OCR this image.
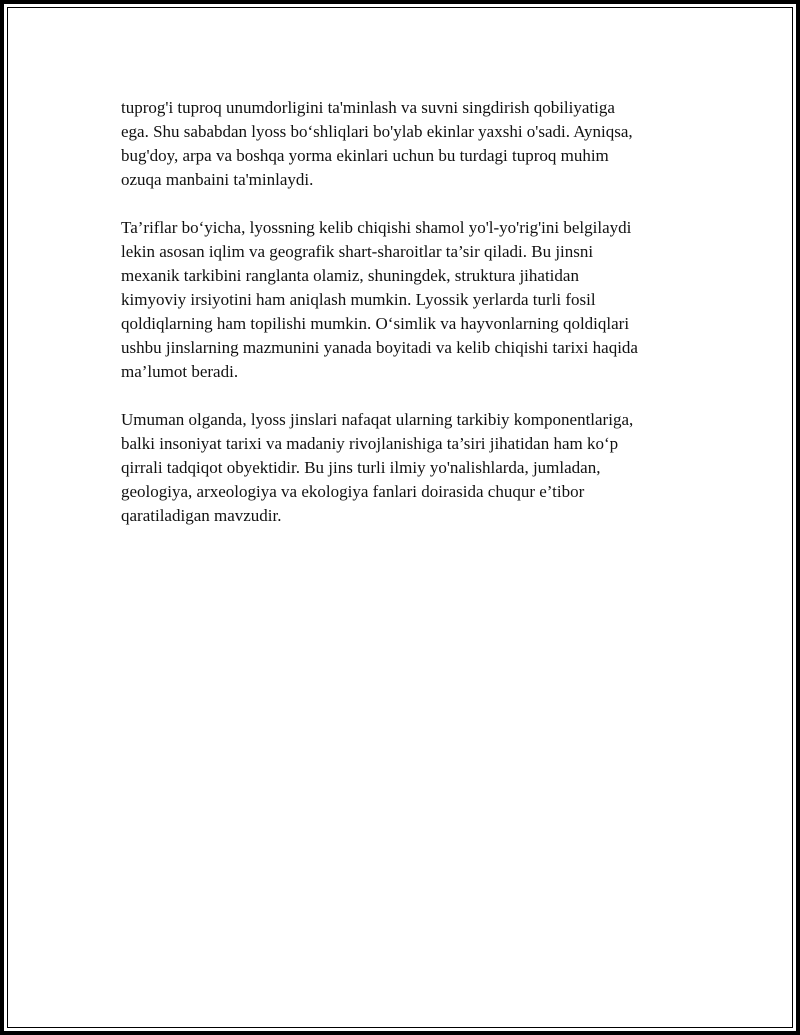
tuprog'i tuproq unumdorligini ta'minlash va suvni singdirish qobiliyatiga
ega. Shu sababdan lyoss bo‘shliqlari bo'ylab ekinlar yaxshi o'sadi. Ayniqsa,
bug'doy, arpa va boshqa yorma ekinlari uchun bu turdagi tuproq muhim
ozuqa manbaini ta'minlaydi.

Ta’riflar bo‘yicha, lyossning kelib chiqishi shamol yo'l-yo'rig'ini belgilaydi
lekin asosan iqlim va geografik shart-sharoitlar ta’sir qiladi. Bu jinsni
mexanik tarkibini ranglanta olamiz, shuningdek, struktura jihatidan
kimyoviy irsiyotini ham aniqlash mumkin. Lyossik yerlarda turli fosil
qoldiqlarning ham topilishi mumkin. O‘simlik va hayvonlarning qoldiqlari
ushbu jinslarning mazmunini yanada boyitadi va kelib chiqishi tarixi haqida
ma’lumot beradi.

Umuman olganda, lyoss jinslari nafaqat ularning tarkibiy komponentlariga,
balki insoniyat tarixi va madaniy rivojlanishiga ta’siri jihatidan ham ko‘p
qirrali tadqiqot obyektidir. Bu jins turli ilmiy yo'nalishlarda, jumladan,
geologiya, arxeologiya va ekologiya fanlari doirasida chuqur e’tibor
qaratiladigan mavzudir.
